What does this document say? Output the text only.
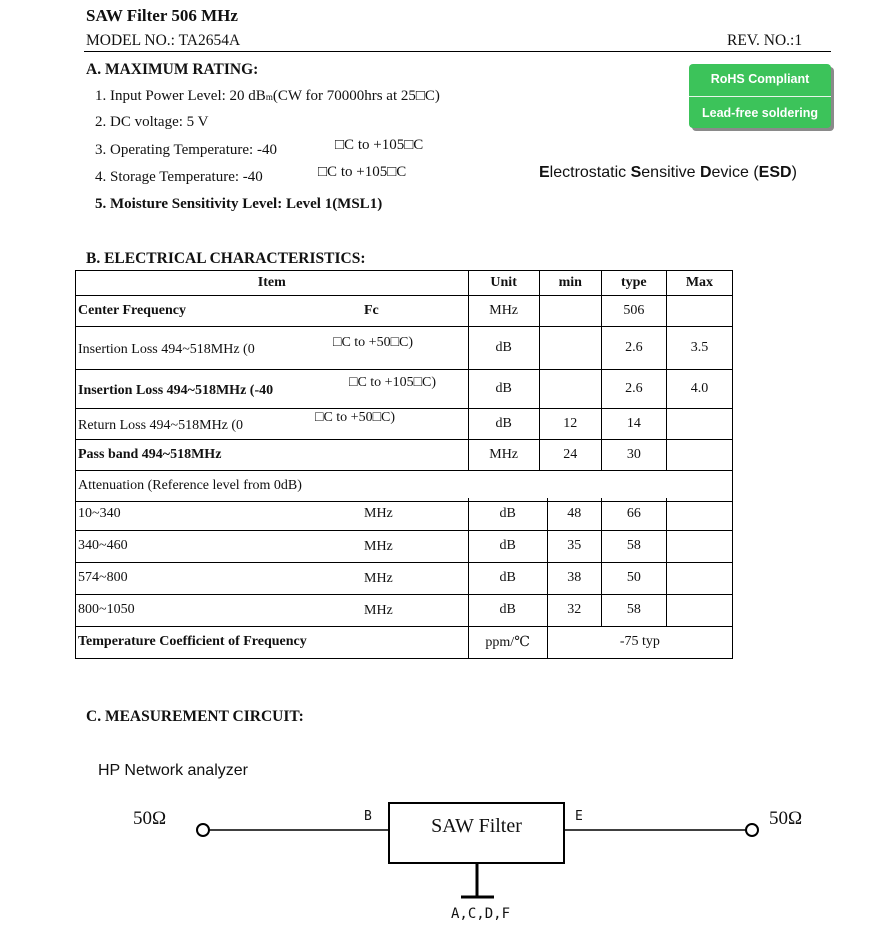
SAW Filter 506 MHz
MODEL NO.: TA2654A	REV. NO.:1
A. MAXIMUM RATING:
1. Input Power Level: 20 dBm(CW for 70000hrs at 25□C)
2. DC voltage: 5 V
3. Operating Temperature: -40	□C to +105□C
4. Storage Temperature: -40	□C to +105□C
5. Moisture Sensitivity Level: Level 1(MSL1)
RoHS Compliant
Lead-free soldering
Electrostatic Sensitive Device (ESD)
B. ELECTRICAL CHARACTERISTICS:
Item	Unit	min	type	Max
Center Frequency Fc	MHz		506	
Insertion Loss 494~518MHz (0 □C to +50□C)	dB		2.6	3.5
Insertion Loss 494~518MHz (-40
□C to +105□C)	dB		2.6	4.0
Return Loss 494~518MHz (0
□C to +50□C)	dB	12	14	
Pass band 494~518MHz	MHz	24	30	
Attenuation (Reference level from 0dB)				
10~340 MHz	dB	48	66	
340~460 MHz	dB	35	58	
574~800 MHz	dB	38	50	
800~1050 MHz	dB	32	58	
Temperature Coefficient of Frequency	ppm/℃	-75 typ		
C. MEASUREMENT CIRCUIT:
HP Network analyzer
50Ω	50Ω
B	E
SAW Filter
A,C,D,F
